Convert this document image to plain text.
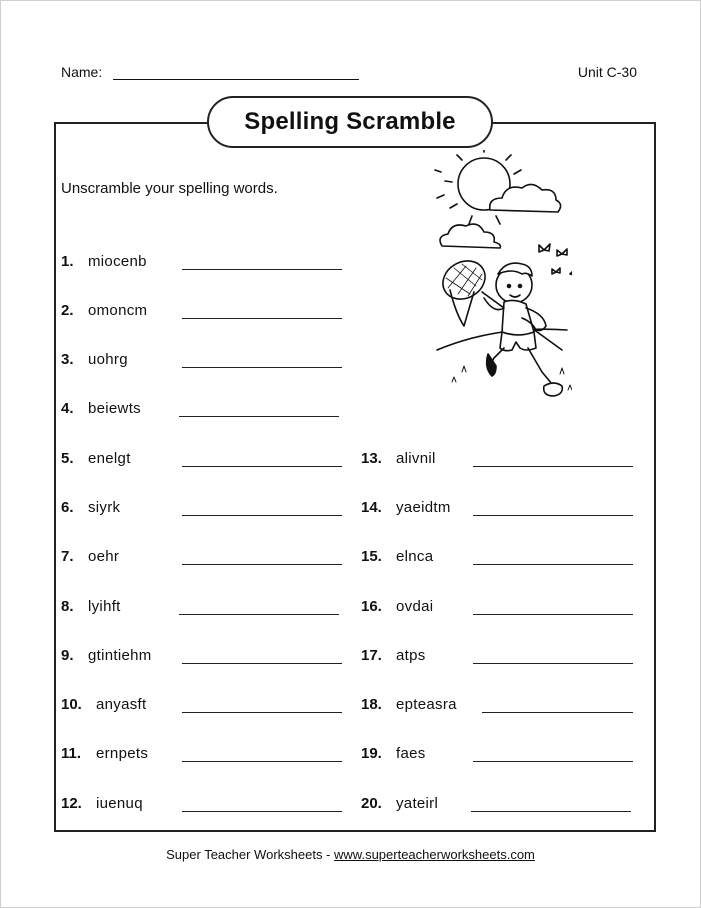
Name:	Unit C-30
Spelling Scramble
Unscramble your spelling words.
1. miocenb
2. omoncm
3. uohrg
4. beiewts
5. enelgt
6. siyrk
7. oehr
8. lyihft
9. gtintiehm
10. anyasft
11. ernpets
12. iuenuq
13. alivnil
14. yaeidtm
15. elnca
16. ovdai
17. atps
18. epteasra
19. faes
20. yateirl
Super Teacher Worksheets - www.superteacherworksheets.com
